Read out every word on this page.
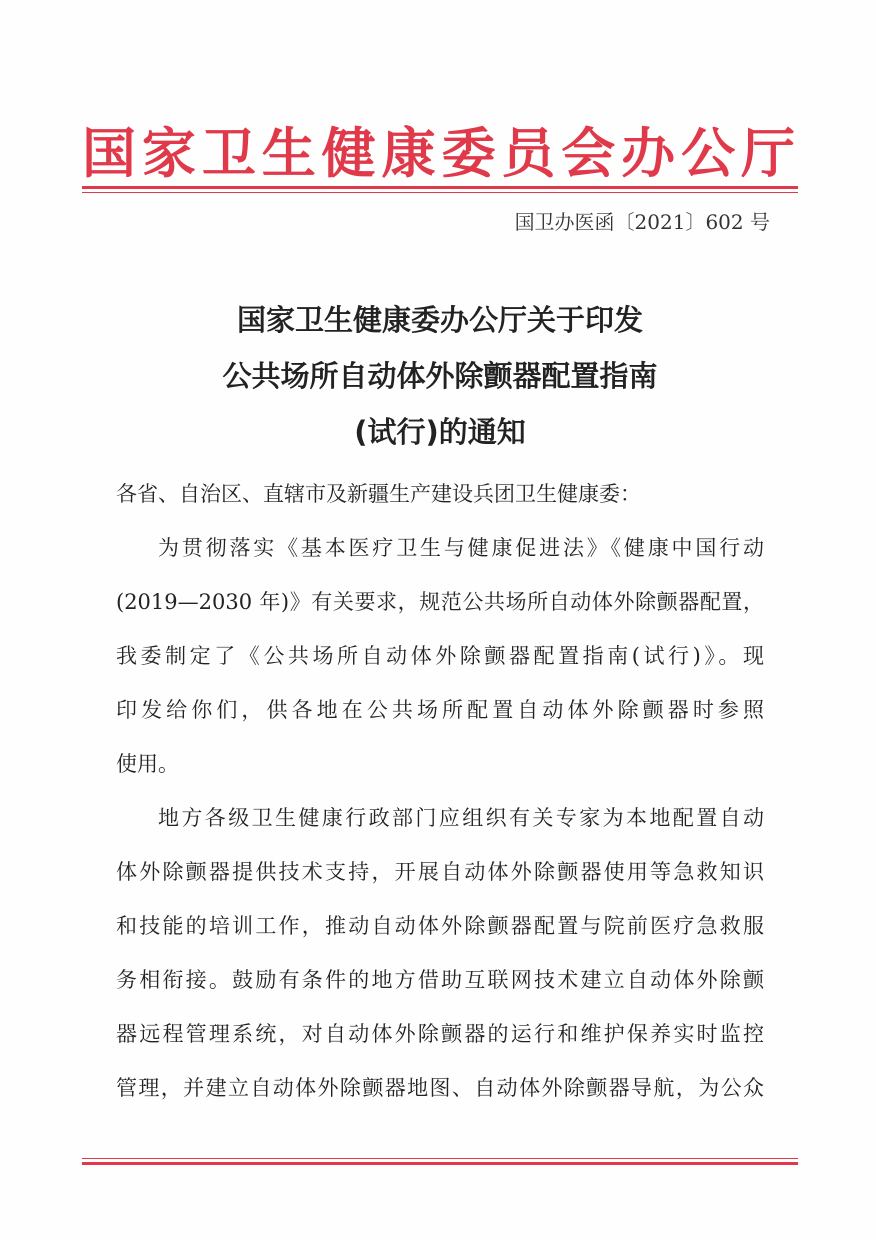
国家卫生健康委员会办公厅
国卫办医函〔2021〕602 号
国家卫生健康委办公厅关于印发
公共场所自动体外除颤器配置指南
(试行)的通知
各省、自治区、直辖市及新疆生产建设兵团卫生健康委：
为贯彻落实《基本医疗卫生与健康促进法》《健康中国行动
(2019—2030 年)》有关要求，规范公共场所自动体外除颤器配置，
我委制定了《公共场所自动体外除颤器配置指南(试行)》。现
印发给你们，供各地在公共场所配置自动体外除颤器时参照
使用。
地方各级卫生健康行政部门应组织有关专家为本地配置自动
体外除颤器提供技术支持，开展自动体外除颤器使用等急救知识
和技能的培训工作，推动自动体外除颤器配置与院前医疗急救服
务相衔接。鼓励有条件的地方借助互联网技术建立自动体外除颤
器远程管理系统，对自动体外除颤器的运行和维护保养实时监控
管理，并建立自动体外除颤器地图、自动体外除颤器导航，为公众
